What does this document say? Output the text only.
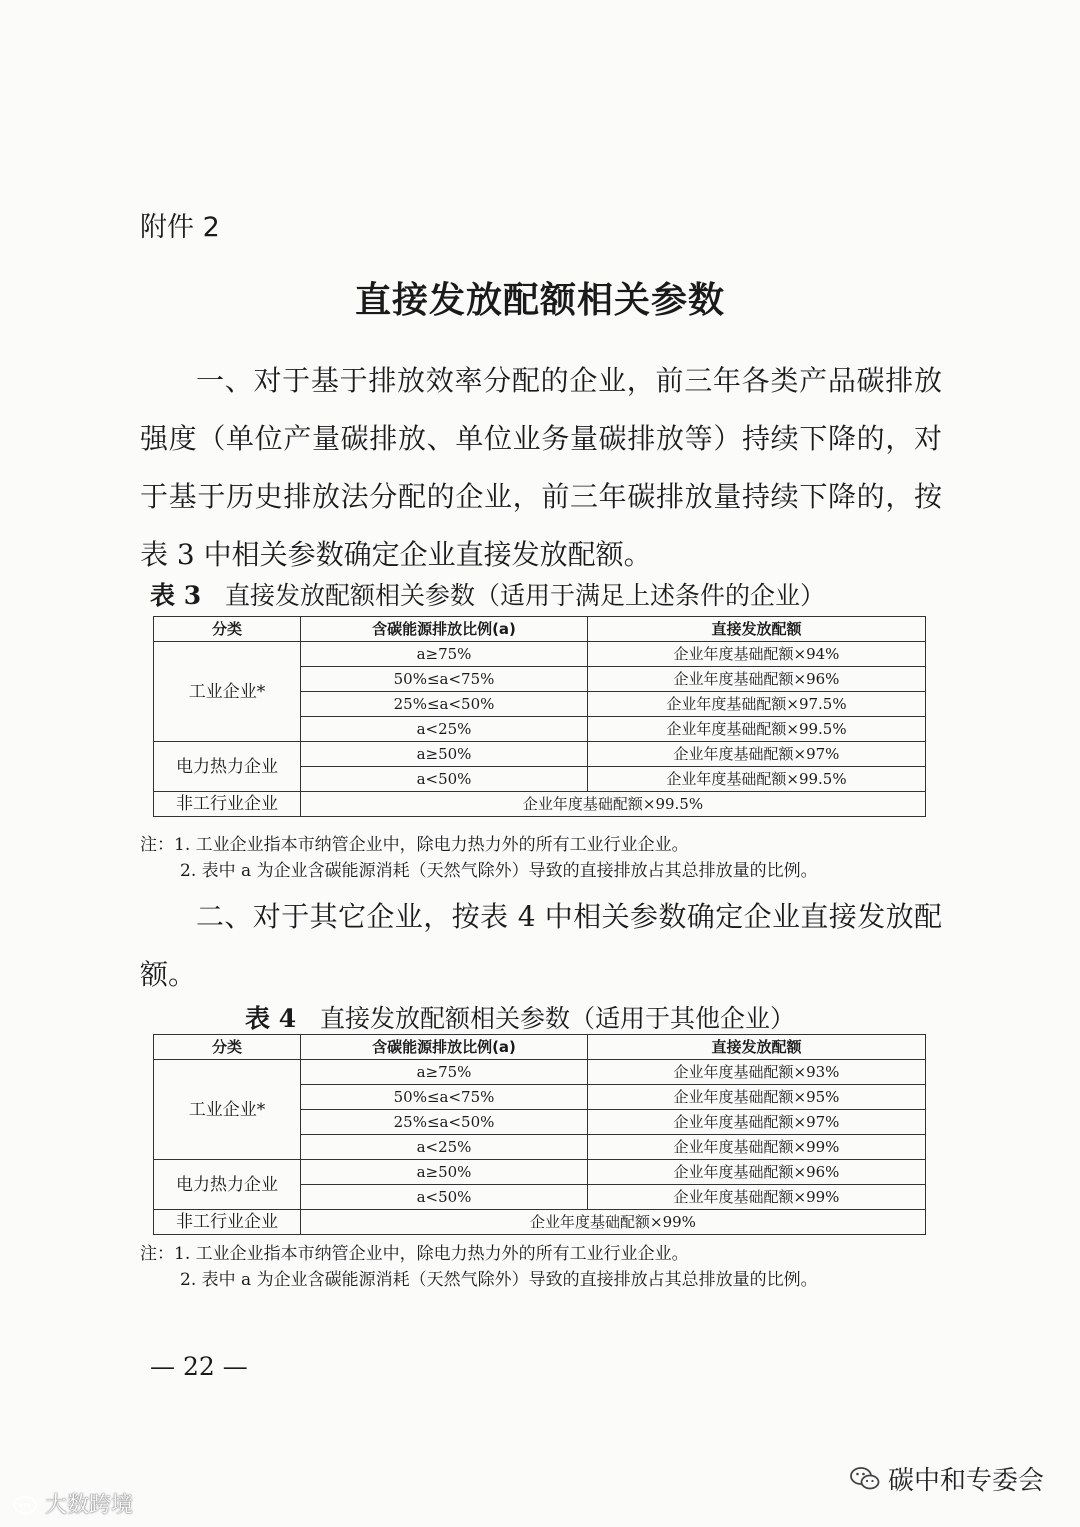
附件 2
直接发放配额相关参数

一、对于基于排放效率分配的企业，前三年各类产品碳排放强度（单位产量碳排放、单位业务量碳排放等）持续下降的，对于基于历史排放法分配的企业，前三年碳排放量持续下降的，按表 3 中相关参数确定企业直接发放配额。

表 3 直接发放配额相关参数（适用于满足上述条件的企业）
分类	含碳能源排放比例(a)	直接发放配额
工业企业*	a≥75%	企业年度基础配额×94%
	50%≤a<75%	企业年度基础配额×96%
	25%≤a<50%	企业年度基础配额×97.5%
	a<25%	企业年度基础配额×99.5%
电力热力企业	a≥50%	企业年度基础配额×97%
	a<50%	企业年度基础配额×99.5%
非工行业企业	企业年度基础配额×99.5%	
注：1. 工业企业指本市纳管企业中，除电力热力外的所有工业行业企业。
2. 表中 a 为企业含碳能源消耗（天然气除外）导致的直接排放占其总排放量的比例。

二、对于其它企业，按表 4 中相关参数确定企业直接发放配额。

表 4 直接发放配额相关参数（适用于其他企业）
分类	含碳能源排放比例(a)	直接发放配额
工业企业*	a≥75%	企业年度基础配额×93%
	50%≤a<75%	企业年度基础配额×95%
	25%≤a<50%	企业年度基础配额×97%
	a<25%	企业年度基础配额×99%
电力热力企业	a≥50%	企业年度基础配额×96%
	a<50%	企业年度基础配额×99%
非工行业企业	企业年度基础配额×99%	
注：1. 工业企业指本市纳管企业中，除电力热力外的所有工业行业企业。
2. 表中 a 为企业含碳能源消耗（天然气除外）导致的直接排放占其总排放量的比例。
— 22 —
大数跨境
碳中和专委会
